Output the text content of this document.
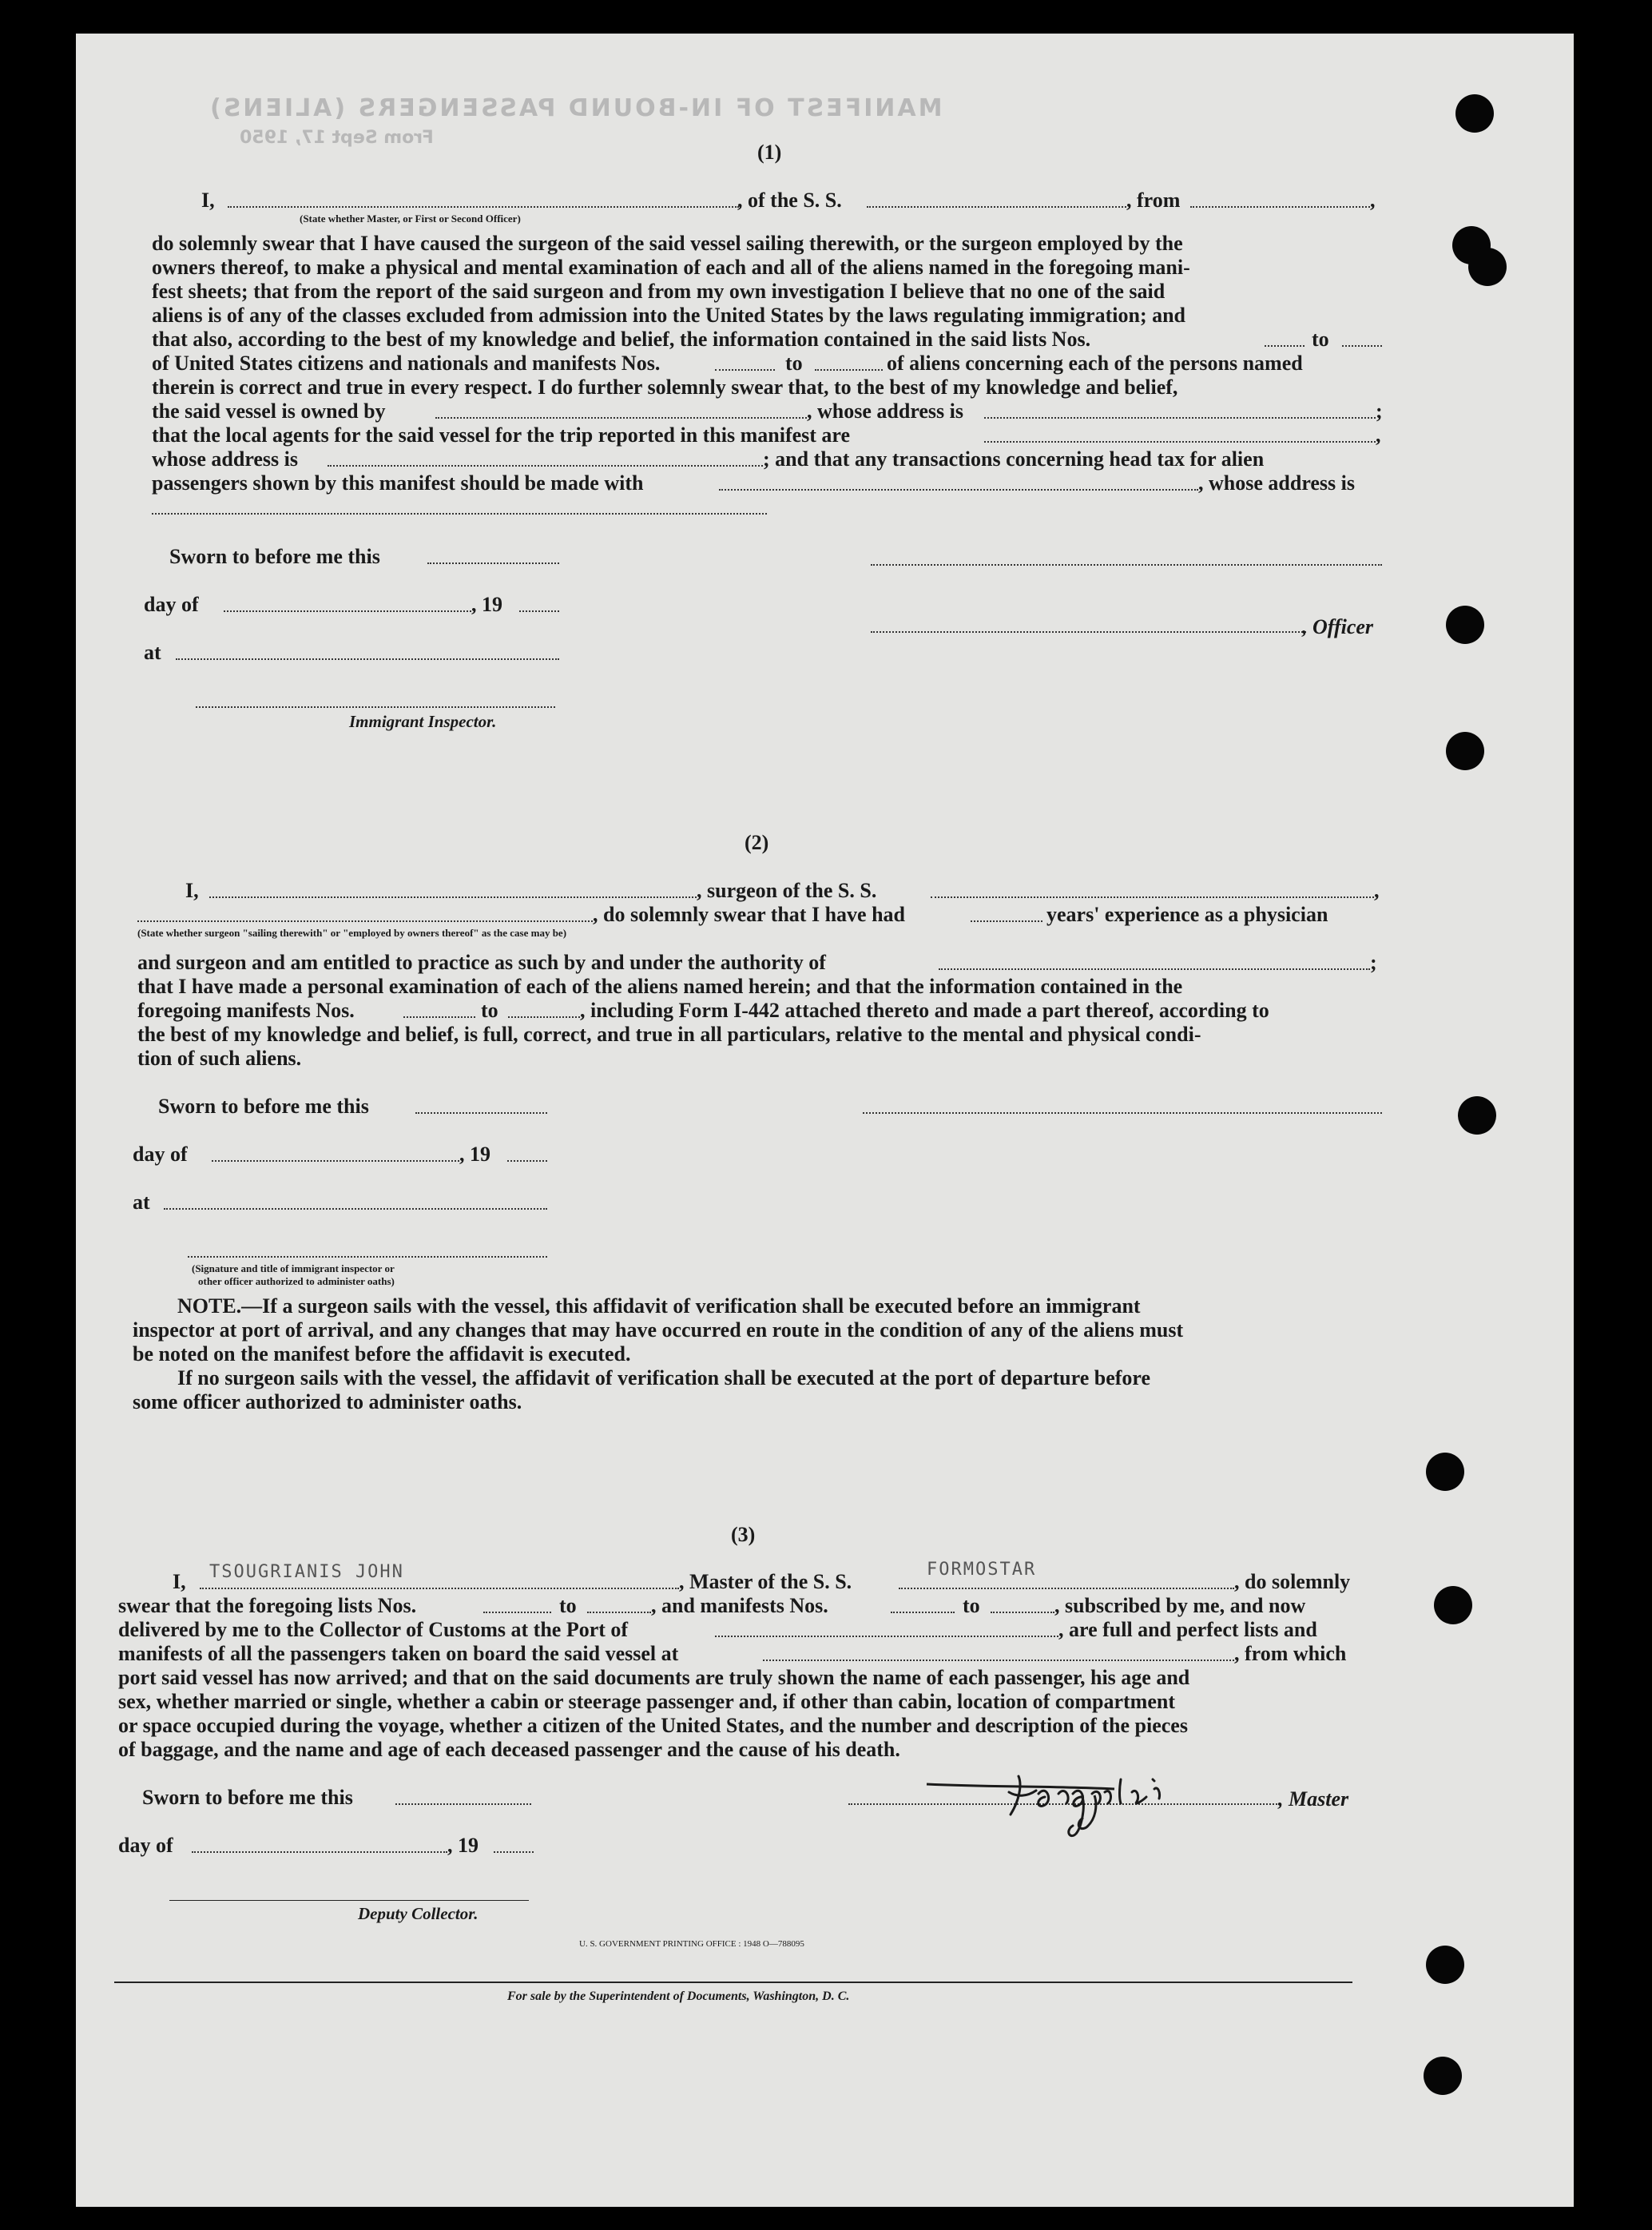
MANIFEST OF IN-BOUND PASSENGERS (ALIENS)
From Sept 17, 1950
(1)
I,	, of the S. S.	, from	,
(State whether Master, or First or Second Officer)
do solemnly swear that I have caused the surgeon of the said vessel sailing therewith, or the surgeon employed by the
owners thereof, to make a physical and mental examination of each and all of the aliens named in the foregoing mani-
fest sheets; that from the report of the said surgeon and from my own investigation I believe that no one of the said
aliens is of any of the classes excluded from admission into the United States by the laws regulating immigration; and
that also, according to the best of my knowledge and belief, the information contained in the said lists Nos.	to
of United States citizens and nationals and manifests Nos.	to	of aliens concerning each of the persons named
therein is correct and true in every respect. I do further solemnly swear that, to the best of my knowledge and belief,
the said vessel is owned by	, whose address is	;
that the local agents for the said vessel for the trip reported in this manifest are	,
whose address is	; and that any transactions concerning head tax for alien
passengers shown by this manifest should be made with	, whose address is
Sworn to before me this
day of	, 19
at
Immigrant Inspector.
, Officer
(2)
I,	, surgeon of the S. S.	,
, do solemnly swear that I have had	years' experience as a physician
(State whether surgeon "sailing therewith" or "employed by owners thereof" as the case may be)
and surgeon and am entitled to practice as such by and under the authority of	;
that I have made a personal examination of each of the aliens named herein; and that the information contained in the
foregoing manifests Nos.	to	, including Form I-442 attached thereto and made a part thereof, according to
the best of my knowledge and belief, is full, correct, and true in all particulars, relative to the mental and physical condi-
tion of such aliens.
Sworn to before me this
day of	, 19
at
(Signature and title of immigrant inspector or
other officer authorized to administer oaths)
NOTE.—If a surgeon sails with the vessel, this affidavit of verification shall be executed before an immigrant
inspector at port of arrival, and any changes that may have occurred en route in the condition of any of the aliens must
be noted on the manifest before the affidavit is executed.
If no surgeon sails with the vessel, the affidavit of verification shall be executed at the port of departure before
some officer authorized to administer oaths.
(3)
I, TSOUGRIANIS JOHN	, Master of the S. S.
FORMOSTAR
, do solemnly
swear that the foregoing lists Nos.	to	, and manifests Nos.	to	, subscribed by me, and now
delivered by me to the Collector of Customs at the Port of	, are full and perfect lists and
manifests of all the passengers taken on board the said vessel at	, from which
port said vessel has now arrived; and that on the said documents are truly shown the name of each passenger, his age and
sex, whether married or single, whether a cabin or steerage passenger and, if other than cabin, location of compartment
or space occupied during the voyage, whether a citizen of the United States, and the number and description of the pieces
of baggage, and the name and age of each deceased passenger and the cause of his death.
Sworn to before me this	, Master
day of	, 19
Deputy Collector.
U. S. GOVERNMENT PRINTING OFFICE : 1948 O—788095
For sale by the Superintendent of Documents, Washington, D. C.
